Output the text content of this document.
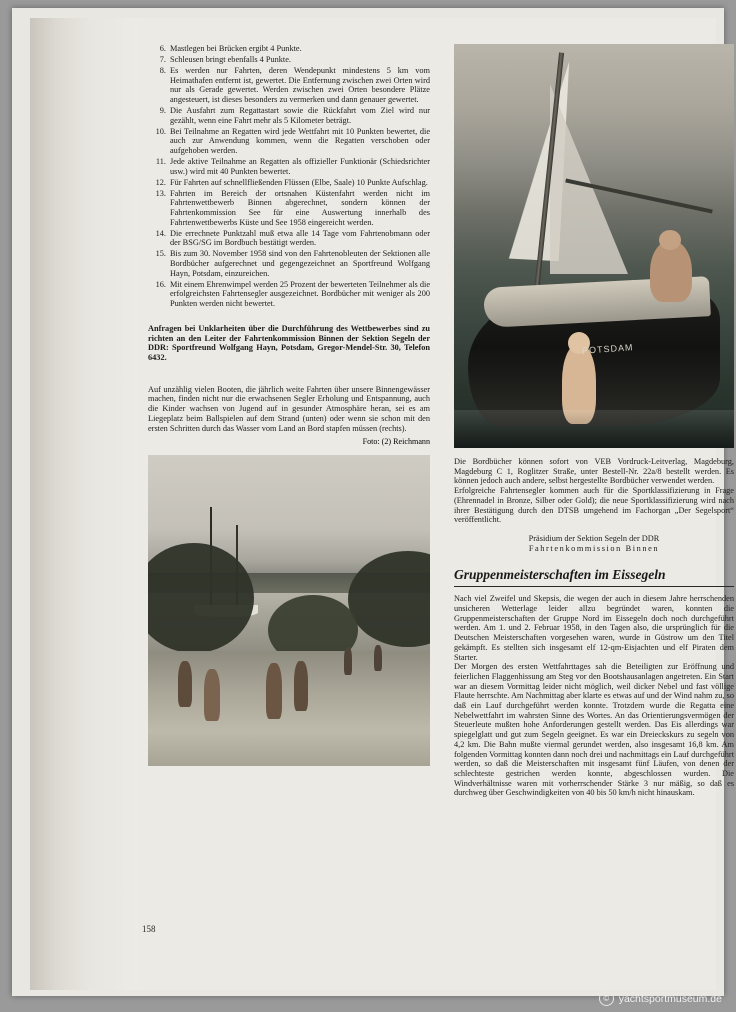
6. Mastlegen bei Brücken ergibt 4 Punkte.
7. Schleusen bringt ebenfalls 4 Punkte.
8. Es werden nur Fahrten, deren Wendepunkt mindestens 5 km vom Heimathafen entfernt ist, gewertet. Die Entfernung zwischen zwei Orten wird nur als Gerade gewertet. Werden zwischen zwei Orten besondere Plätze angesteuert, ist dieses besonders zu vermerken und dann genauer gewertet.
9. Die Ausfahrt zum Regattastart sowie die Rückfahrt vom Ziel wird nur gezählt, wenn eine Fahrt mehr als 5 Kilometer beträgt.
10. Bei Teilnahme an Regatten wird jede Wettfahrt mit 10 Punkten bewertet, die auch zur Anwendung kommen, wenn die Regatten verschoben oder aufgehoben werden.
11. Jede aktive Teilnahme an Regatten als offizieller Funktionär (Schiedsrichter usw.) wird mit 40 Punkten bewertet.
12. Für Fahrten auf schnellfließenden Flüssen (Elbe, Saale) 10 Punkte Aufschlag.
13. Fahrten im Bereich der ortsnahen Küstenfahrt werden nicht im Fahrtenwettbewerb Binnen abgerechnet, sondern können der Fahrtenkommission See für eine Auswertung innerhalb des Fahrtenwettbewerbs Küste und See 1958 eingereicht werden.
14. Die errechnete Punktzahl muß etwa alle 14 Tage vom Fahrtenobmann oder der BSG/SG im Bordbuch bestätigt werden.
15. Bis zum 30. November 1958 sind von den Fahrtenobleuten der Sektionen alle Bordbücher aufgerechnet und gegengezeichnet an Sportfreund Wolfgang Hayn, Potsdam, einzureichen.
16. Mit einem Ehrenwimpel werden 25 Prozent der bewerteten Teilnehmer als die erfolgreichsten Fahrtensegler ausgezeichnet. Bordbücher mit weniger als 200 Punkten werden nicht bewertet.

Anfragen bei Unklarheiten über die Durchführung des Wettbewerbes sind zu richten an den Leiter der Fahrtenkommission Binnen der Sektion Segeln der DDR: Sportfreund Wolfgang Hayn, Potsdam, Gregor-Mendel-Str. 30, Telefon 6432.

Auf unzählig vielen Booten, die jährlich weite Fahrten über unsere Binnengewässer machen, finden nicht nur die erwachsenen Segler Erholung und Entspannung, auch die Kinder wachsen von Jugend auf in gesunder Atmosphäre heran, sei es am Liegeplatz beim Ballspielen auf dem Strand (unten) oder wenn sie schon mit den ersten Schritten durch das Wasser vom Land an Bord stapfen müssen (rechts).

Foto: (2) Reichmann

POTSDAM

Die Bordbücher können sofort von VEB Vordruck-Leitverlag, Magdeburg, Magdeburg C 1, Roglitzer Straße, unter Bestell-Nr. 22a/8 bestellt werden. Es können jedoch auch andere, selbst hergestellte Bordbücher verwendet werden.

Erfolgreiche Fahrtensegler kommen auch für die Sportklassifizierung in Frage (Ehrennadel in Bronze, Silber oder Gold); die neue Sportklassifizierung wird nach ihrer Bestätigung durch den DTSB umgehend im Fachorgan „Der Segelsport“ veröffentlicht.

Präsidium der Sektion Segeln der DDR

Fahrtenkommission Binnen

Gruppenmeisterschaften im Eissegeln

Nach viel Zweifel und Skepsis, die wegen der auch in diesem Jahre herrschenden unsicheren Wetterlage leider allzu begründet waren, konnten die Gruppenmeisterschaften der Gruppe Nord im Eissegeln doch noch durchgeführt werden. Am 1. und 2. Februar 1958, in den Tagen also, die ursprünglich für die Deutschen Meisterschaften vorgesehen waren, wurde in Güstrow um den Titel gekämpft. Es stellten sich insgesamt elf 12-qm-Eisjachten und elf Piraten dem Starter.

Der Morgen des ersten Wettfahrttages sah die Beteiligten zur Eröffnung und feierlichen Flaggenhissung am Steg vor den Bootshausanlagen angetreten. Ein Start war an diesem Vormittag leider nicht möglich, weil dicker Nebel und fast völlige Flaute herrschte. Am Nachmittag aber klarte es etwas auf und der Wind nahm zu, so daß ein Lauf durchgeführt werden konnte. Trotzdem wurde die Regatta eine Nebelwettfahrt im wahrsten Sinne des Wortes. An das Orientierungsvermögen der Steuerleute mußten hohe Anforderungen gestellt werden. Das Eis allerdings war spiegelglatt und gut zum Segeln geeignet. Es war ein Dreieckskurs zu segeln von 4,2 km. Die Bahn mußte viermal gerundet werden, also insgesamt 16,8 km. Am folgenden Vormittag konnten dann noch drei und nachmittags ein Lauf durchgeführt werden, so daß die Meisterschaften mit insgesamt fünf Läufen, von denen der schlechteste gestrichen werden konnte, abgeschlossen wurden. Die Windverhältnisse waren mit vorherrschender Stärke 3 nur mäßig, so daß es durchweg über Geschwindigkeiten von 40 bis 50 km/h nicht hinauskam.

158
© yachtsportmuseum.de
